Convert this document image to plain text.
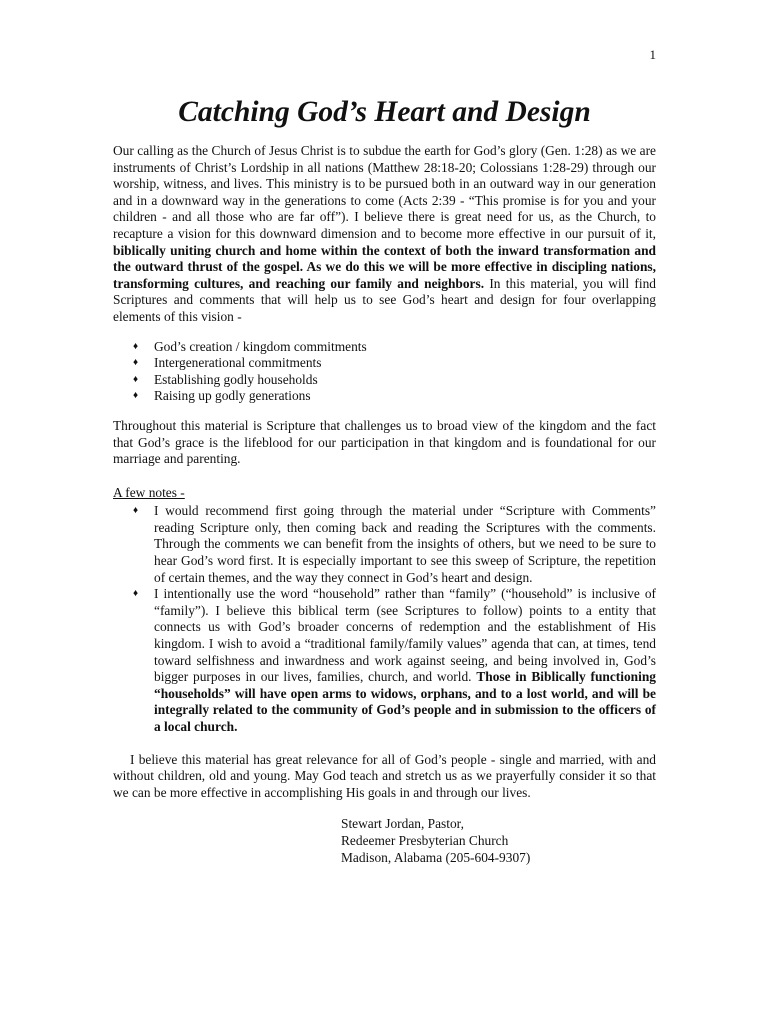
1
Catching God’s Heart and Design

Our calling as the Church of Jesus Christ is to subdue the earth for God’s glory (Gen. 1:28) as we are instruments of Christ’s Lordship in all nations (Matthew 28:18-20; Colossians 1:28-29) through our worship, witness, and lives. This ministry is to be pursued both in an outward way in our generation and in a downward way in the generations to come (Acts 2:39 - “This promise is for you and your children - and all those who are far off”). I believe there is great need for us, as the Church, to recapture a vision for this downward dimension and to become more effective in our pursuit of it, biblically uniting church and home within the context of both the inward transformation and the outward thrust of the gospel. As we do this we will be more effective in discipling nations, transforming cultures, and reaching our family and neighbors. In this material, you will find Scriptures and comments that will help us to see God’s heart and design for four overlapping elements of this vision -

♦ God’s creation / kingdom commitments
♦ Intergenerational commitments
♦ Establishing godly households
♦ Raising up godly generations

Throughout this material is Scripture that challenges us to broad view of the kingdom and the fact that God’s grace is the lifeblood for our participation in that kingdom and is foundational for our marriage and parenting.

A few notes -

♦ I would recommend first going through the material under “Scripture with Comments” reading Scripture only, then coming back and reading the Scriptures with the comments. Through the comments we can benefit from the insights of others, but we need to be sure to hear God’s word first. It is especially important to see this sweep of Scripture, the repetition of certain themes, and the way they connect in God’s heart and design.
♦ I intentionally use the word “household” rather than “family” (“household” is inclusive of “family”). I believe this biblical term (see Scriptures to follow) points to a entity that connects us with God’s broader concerns of redemption and the establishment of His kingdom. I wish to avoid a “traditional family/family values” agenda that can, at times, tend toward selfishness and inwardness and work against seeing, and being involved in, God’s bigger purposes in our lives, families, church, and world. Those in Biblically functioning “households” will have open arms to widows, orphans, and to a lost world, and will be integrally related to the community of God’s people and in submission to the officers of a local church.

I believe this material has great relevance for all of God’s people - single and married, with and without children, old and young. May God teach and stretch us as we prayerfully consider it so that we can be more effective in accomplishing His goals in and through our lives.

Stewart Jordan, Pastor,
Redeemer Presbyterian Church
Madison, Alabama (205-604-9307)
